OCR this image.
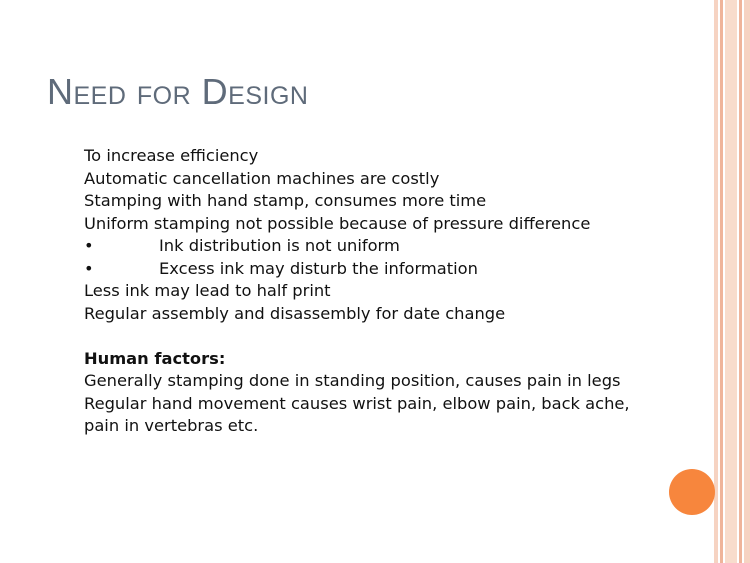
Need for Design
To increase efficiency
Automatic cancellation machines are costly
Stamping with hand stamp, consumes more time
Uniform stamping not possible because of pressure difference
•	Ink distribution is not uniform
•	Excess ink may disturb the information
Less ink may lead to half print
Regular assembly and disassembly for date change
Human factors:
Generally stamping done in standing position, causes pain in legs
Regular hand movement causes wrist pain, elbow pain, back ache,
pain in vertebras etc.
